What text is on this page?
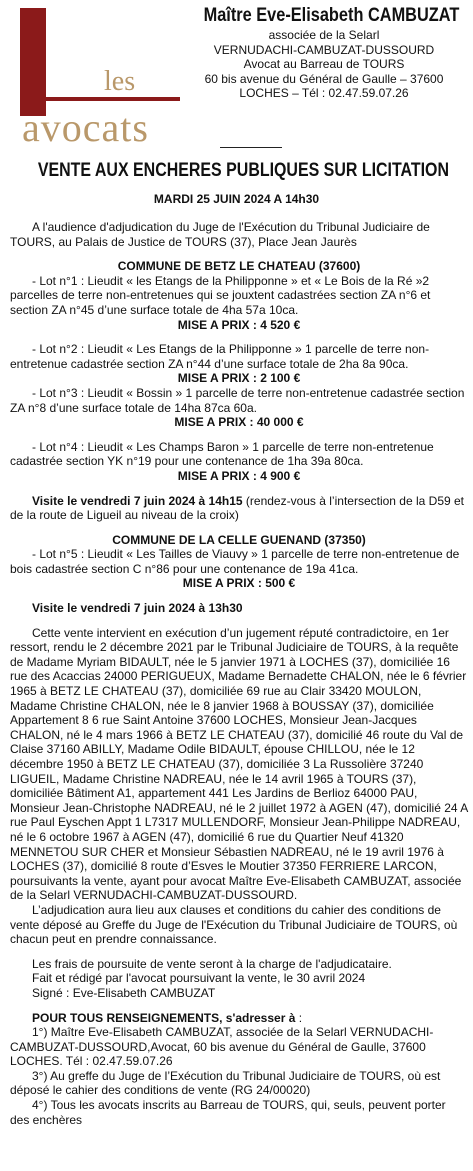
les
avocats
Maître Eve-Elisabeth CAMBUZAT
associée de la Selarl
VERNUDACHI-CAMBUZAT-DUSSOURD
Avocat au Barreau de TOURS
60 bis avenue du Général de Gaulle – 37600
LOCHES – Tél : 02.47.59.07.26
VENTE AUX ENCHERES PUBLIQUES SUR LICITATION
MARDI 25 JUIN 2024 A 14h30

A l'audience d'adjudication du Juge de l'Exécution du Tribunal Judiciaire de TOURS, au Palais de Justice de TOURS (37), Place Jean Jaurès

COMMUNE DE BETZ LE CHATEAU (37600)

- Lot n°1 : Lieudit « les Etangs de la Philipponne » et « Le Bois de la Ré »2 parcelles de terre non-entretenues qui se jouxtent cadastrées section ZA n°6 et section ZA n°45 d’une surface totale de 4ha 57a 10ca.

MISE A PRIX : 4 520 €

- Lot n°2 : Lieudit « Les Etangs de la Philipponne » 1 parcelle de terre non-entretenue cadastrée section ZA n°44 d’une surface totale de 2ha 8a 90ca.

MISE A PRIX : 2 100 €

- Lot n°3 : Lieudit « Bossin » 1 parcelle de terre non-entretenue cadastrée section ZA n°8 d’une surface totale de 14ha 87ca 60a.

MISE A PRIX : 40 000 €

- Lot n°4 : Lieudit « Les Champs Baron » 1 parcelle de terre non-entretenue cadastrée section YK n°19 pour une contenance de 1ha 39a 80ca.

MISE A PRIX : 4 900 €

Visite le vendredi 7 juin 2024 à 14h15 (rendez-vous à l’intersection de la D59 et de la route de Ligueil au niveau de la croix)

COMMUNE DE LA CELLE GUENAND (37350)

- Lot n°5 : Lieudit « Les Tailles de Viauvy » 1 parcelle de terre non-entretenue de bois cadastrée section C n°86 pour une contenance de 19a 41ca.

MISE A PRIX : 500 €

Visite le vendredi 7 juin 2024 à 13h30

Cette vente intervient en exécution d’un jugement réputé contradictoire, en 1er ressort, rendu le 2 décembre 2021 par le Tribunal Judiciaire de TOURS, à la requête de Madame Myriam BIDAULT, née le 5 janvier 1971 à LOCHES (37), domiciliée 16 rue des Acaccias 24000 PERIGUEUX, Madame Bernadette CHALON, née le 6 février 1965 à BETZ LE CHATEAU (37), domiciliée 69 rue au Clair 33420 MOULON, Madame Christine CHALON, née le 8 janvier 1968 à BOUSSAY (37), domiciliée Appartement 8 6 rue Saint Antoine 37600 LOCHES, Monsieur Jean-Jacques CHALON, né le 4 mars 1966 à BETZ LE CHATEAU (37), domicilié 46 route du Val de Claise 37160 ABILLY, Madame Odile BIDAULT, épouse CHILLOU, née le 12 décembre 1950 à BETZ LE CHATEAU (37), domiciliée 3 La Russolière 37240 LIGUEIL, Madame Christine NADREAU, née le 14 avril 1965 à TOURS (37), domiciliée Bâtiment A1, appartement 441 Les Jardins de Berlioz 64000 PAU, Monsieur Jean-Christophe NADREAU, né le 2 juillet 1972 à AGEN (47), domicilié 24 A rue Paul Eyschen Appt 1 L7317 MULLENDORF, Monsieur Jean-Philippe NADREAU, né le 6 octobre 1967 à AGEN (47), domicilié 6 rue du Quartier Neuf 41320 MENNETOU SUR CHER et Monsieur Sébastien NADREAU, né le 19 avril 1976 à LOCHES (37), domicilié 8 route d’Esves le Moutier 37350 FERRIERE LARCON, poursuivants la vente, ayant pour avocat Maître Eve-Elisabeth CAMBUZAT, associée de la Selarl VERNUDACHI-CAMBUZAT-DUSSOURD.

L’adjudication aura lieu aux clauses et conditions du cahier des conditions de vente déposé au Greffe du Juge de l'Exécution du Tribunal Judiciaire de TOURS, où chacun peut en prendre connaissance.

Les frais de poursuite de vente seront à la charge de l'adjudicataire.

Fait et rédigé par l'avocat poursuivant la vente, le 30 avril 2024

Signé : Eve-Elisabeth CAMBUZAT

POUR TOUS RENSEIGNEMENTS, s'adresser à :

1°) Maître Eve-Elisabeth CAMBUZAT, associée de la Selarl VERNUDACHI-CAMBUZAT-DUSSOURD,Avocat, 60 bis avenue du Général de Gaulle, 37600 LOCHES. Tél : 02.47.59.07.26

3°) Au greffe du Juge de l’Exécution du Tribunal Judiciaire de TOURS, où est déposé le cahier des conditions de vente (RG 24/00020)

4°) Tous les avocats inscrits au Barreau de TOURS, qui, seuls, peuvent porter des enchères
